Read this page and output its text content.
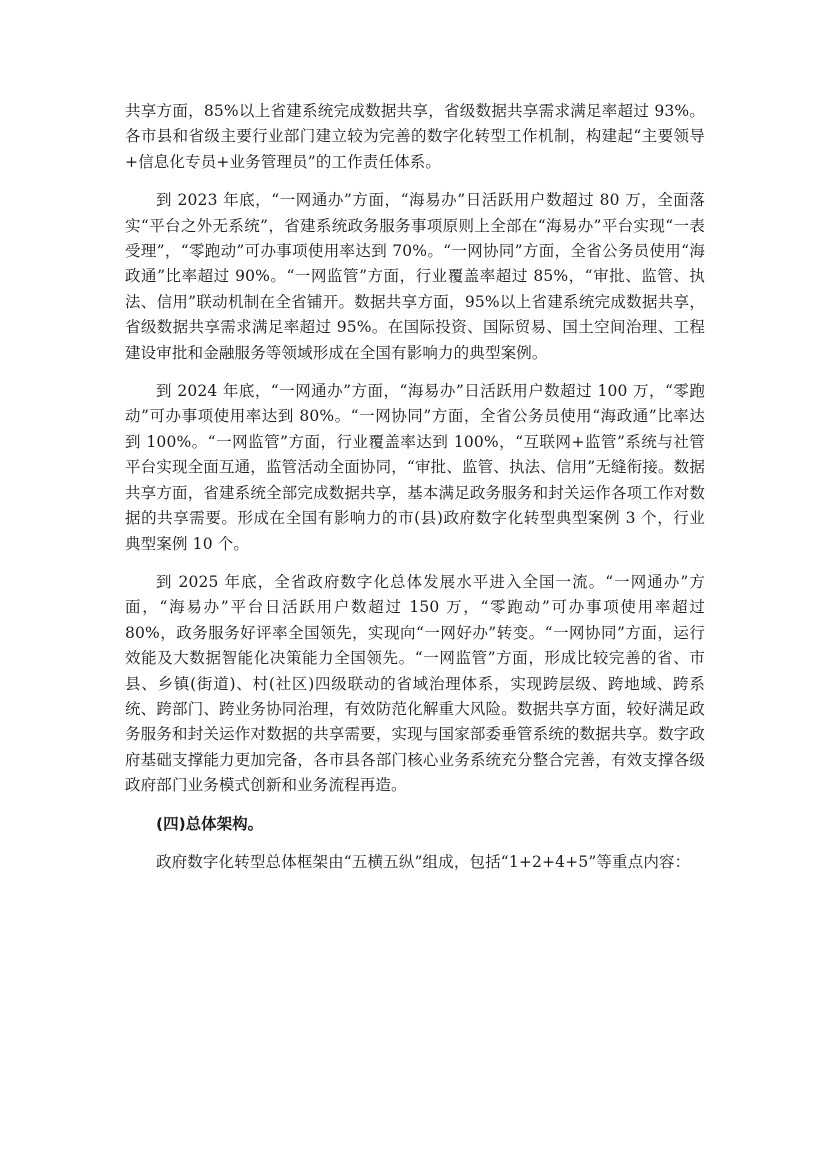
共享方面，85%以上省建系统完成数据共享，省级数据共享需求满足率超过 93%。各市县和省级主要行业部门建立较为完善的数字化转型工作机制，构建起“主要领导+信息化专员+业务管理员”的工作责任体系。

到 2023 年底，“一网通办”方面，“海易办”日活跃用户数超过 80 万，全面落实“平台之外无系统”，省建系统政务服务事项原则上全部在“海易办”平台实现“一表受理”，“零跑动”可办事项使用率达到 70%。“一网协同”方面，全省公务员使用“海政通”比率超过 90%。“一网监管”方面，行业覆盖率超过 85%，“审批、监管、执法、信用”联动机制在全省铺开。数据共享方面，95%以上省建系统完成数据共享，省级数据共享需求满足率超过 95%。在国际投资、国际贸易、国土空间治理、工程建设审批和金融服务等领域形成在全国有影响力的典型案例。

到 2024 年底，“一网通办”方面，“海易办”日活跃用户数超过 100 万，“零跑动”可办事项使用率达到 80%。“一网协同”方面，全省公务员使用“海政通”比率达到 100%。“一网监管”方面，行业覆盖率达到 100%，“互联网+监管”系统与社管平台实现全面互通，监管活动全面协同，“审批、监管、执法、信用”无缝衔接。数据共享方面，省建系统全部完成数据共享，基本满足政务服务和封关运作各项工作对数据的共享需要。形成在全国有影响力的市(县)政府数字化转型典型案例 3 个，行业典型案例 10 个。

到 2025 年底，全省政府数字化总体发展水平进入全国一流。“一网通办”方面，“海易办”平台日活跃用户数超过 150 万，“零跑动”可办事项使用率超过 80%，政务服务好评率全国领先，实现向“一网好办”转变。“一网协同”方面，运行效能及大数据智能化决策能力全国领先。“一网监管”方面，形成比较完善的省、市县、乡镇(街道)、村(社区)四级联动的省域治理体系，实现跨层级、跨地域、跨系统、跨部门、跨业务协同治理，有效防范化解重大风险。数据共享方面，较好满足政务服务和封关运作对数据的共享需要，实现与国家部委垂管系统的数据共享。数字政府基础支撑能力更加完备，各市县各部门核心业务系统充分整合完善，有效支撑各级政府部门业务模式创新和业务流程再造。

(四)总体架构。

政府数字化转型总体框架由“五横五纵”组成，包括“1+2+4+5”等重点内容：
